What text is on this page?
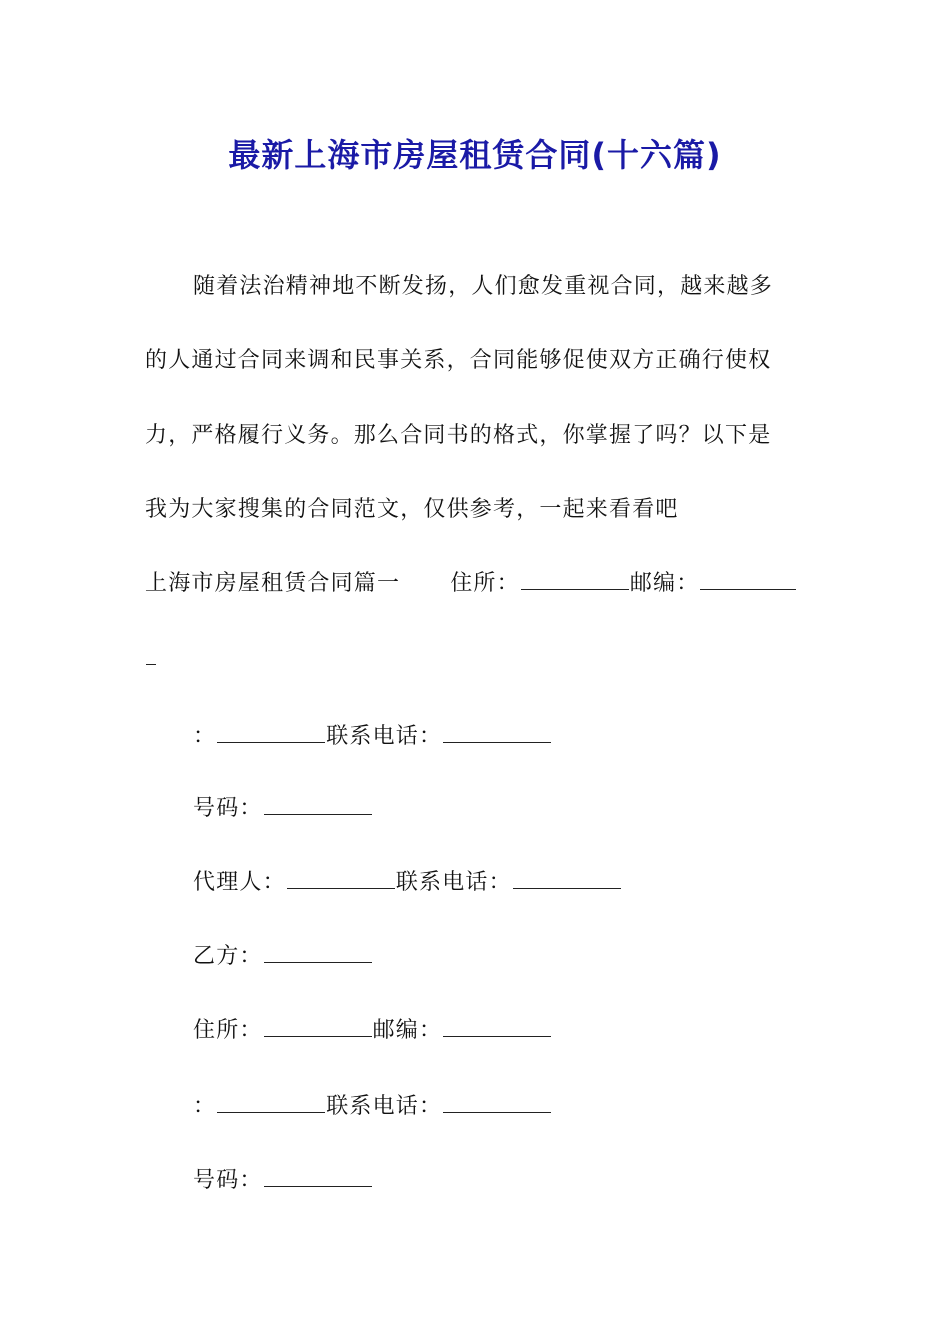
最新上海市房屋租赁合同(十六篇)
随着法治精神地不断发扬，人们愈发重视合同，越来越多
的人通过合同来调和民事关系，合同能够促使双方正确行使权
力，严格履行义务。那么合同书的格式，你掌握了吗？以下是
我为大家搜集的合同范文，仅供参考，一起来看看吧
上海市房屋租赁合同篇一 住所：	邮编：
：	联系电话：
号码：
代理人：	联系电话：
乙方：
住所：	邮编：
：	联系电话：
号码：
